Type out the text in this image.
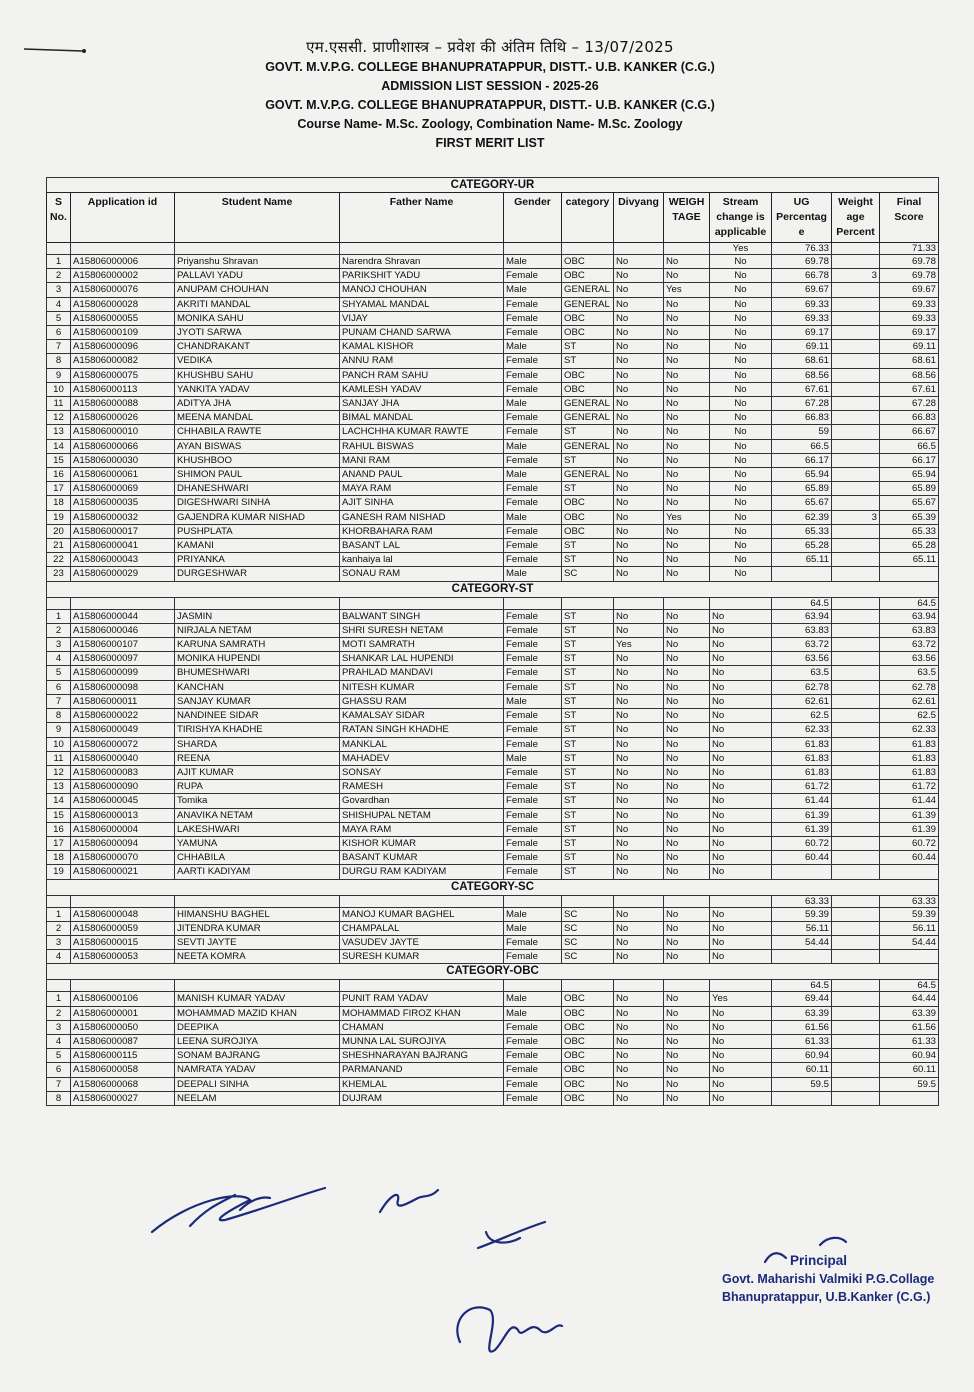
एम.एससी. प्राणीशास्त्र – प्रवेश की अंतिम तिथि – 13/07/2025

GOVT. M.V.P.G. COLLEGE BHANUPRATAPPUR, DISTT.- U.B. KANKER (C.G.)

ADMISSION LIST SESSION - 2025-26

GOVT. M.V.P.G. COLLEGE BHANUPRATAPPUR, DISTT.- U.B. KANKER (C.G.)

Course Name- M.Sc. Zoology, Combination Name- M.Sc. Zoology

FIRST MERIT LIST

CATEGORY-UR											
S No.	Application id	Student Name	Father Name	Gender	category	Divyang	WEIGH TAGE	Stream change is applicable	UG Percentag e	Weight age Percent	Final Score
								Yes	76.33		71.33
1	A15806000006	Priyanshu Shravan	Narendra Shravan	Male	OBC	No	No	No	69.78		69.78
2	A15806000002	PALLAVI YADU	PARIKSHIT YADU	Female	OBC	No	No	No	66.78	3	69.78
3	A15806000076	ANUPAM CHOUHAN	MANOJ CHOUHAN	Male	GENERAL	No	Yes	No	69.67		69.67
4	A15806000028	AKRITI MANDAL	SHYAMAL MANDAL	Female	GENERAL	No	No	No	69.33		69.33
5	A15806000055	MONIKA SAHU	VIJAY	Female	OBC	No	No	No	69.33		69.33
6	A15806000109	JYOTI SARWA	PUNAM CHAND SARWA	Female	OBC	No	No	No	69.17		69.17
7	A15806000096	CHANDRAKANT	KAMAL KISHOR	Male	ST	No	No	No	69.11		69.11
8	A15806000082	VEDIKA	ANNU RAM	Female	ST	No	No	No	68.61		68.61
9	A15806000075	KHUSHBU SAHU	PANCH RAM SAHU	Female	OBC	No	No	No	68.56		68.56
10	A15806000113	YANKITA YADAV	KAMLESH YADAV	Female	OBC	No	No	No	67.61		67.61
11	A15806000088	ADITYA JHA	SANJAY JHA	Male	GENERAL	No	No	No	67.28		67.28
12	A15806000026	MEENA MANDAL	BIMAL MANDAL	Female	GENERAL	No	No	No	66.83		66.83
13	A15806000010	CHHABILA RAWTE	LACHCHHA KUMAR RAWTE	Female	ST	No	No	No	59		66.67
14	A15806000066	AYAN BISWAS	RAHUL BISWAS	Male	GENERAL	No	No	No	66.5		66.5
15	A15806000030	KHUSHBOO	MANI RAM	Female	ST	No	No	No	66.17		66.17
16	A15806000061	SHIMON PAUL	ANAND PAUL	Male	GENERAL	No	No	No	65.94		65.94
17	A15806000069	DHANESHWARI	MAYA RAM	Female	ST	No	No	No	65.89		65.89
18	A15806000035	DIGESHWARI SINHA	AJIT SINHA	Female	OBC	No	No	No	65.67		65.67
19	A15806000032	GAJENDRA KUMAR NISHAD	GANESH RAM NISHAD	Male	OBC	No	Yes	No	62.39	3	65.39
20	A15806000017	PUSHPLATA	KHORBAHARA RAM	Female	OBC	No	No	No	65.33		65.33
21	A15806000041	KAMANI	BASANT LAL	Female	ST	No	No	No	65.28		65.28
22	A15806000043	PRIYANKA	kanhaiya lal	Female	ST	No	No	No	65.11		65.11
23	A15806000029	DURGESHWAR	SONAU RAM	Male	SC	No	No	No			
CATEGORY-ST											
									64.5		64.5
1	A15806000044	JASMIN	BALWANT SINGH	Female	ST	No	No	No	63.94		63.94
2	A15806000046	NIRJALA NETAM	SHRI SURESH NETAM	Female	ST	No	No	No	63.83		63.83
3	A15806000107	KARUNA SAMRATH	MOTI SAMRATH	Female	ST	Yes	No	No	63.72		63.72
4	A15806000097	MONIKA HUPENDI	SHANKAR LAL HUPENDI	Female	ST	No	No	No	63.56		63.56
5	A15806000099	BHUMESHWARI	PRAHLAD MANDAVI	Female	ST	No	No	No	63.5		63.5
6	A15806000098	KANCHAN	NITESH KUMAR	Female	ST	No	No	No	62.78		62.78
7	A15806000011	SANJAY KUMAR	GHASSU RAM	Male	ST	No	No	No	62.61		62.61
8	A15806000022	NANDINEE SIDAR	KAMALSAY SIDAR	Female	ST	No	No	No	62.5		62.5
9	A15806000049	TIRISHYA KHADHE	RATAN SINGH KHADHE	Female	ST	No	No	No	62.33		62.33
10	A15806000072	SHARDA	MANKLAL	Female	ST	No	No	No	61.83		61.83
11	A15806000040	REENA	MAHADEV	Male	ST	No	No	No	61.83		61.83
12	A15806000083	AJIT KUMAR	SONSAY	Female	ST	No	No	No	61.83		61.83
13	A15806000090	RUPA	RAMESH	Female	ST	No	No	No	61.72		61.72
14	A15806000045	Tomika	Govardhan	Female	ST	No	No	No	61.44		61.44
15	A15806000013	ANAVIKA NETAM	SHISHUPAL NETAM	Female	ST	No	No	No	61.39		61.39
16	A15806000004	LAKESHWARI	MAYA RAM	Female	ST	No	No	No	61.39		61.39
17	A15806000094	YAMUNA	KISHOR KUMAR	Female	ST	No	No	No	60.72		60.72
18	A15806000070	CHHABILA	BASANT KUMAR	Female	ST	No	No	No	60.44		60.44
19	A15806000021	AARTI KADIYAM	DURGU RAM KADIYAM	Female	ST	No	No	No			
CATEGORY-SC											
									63.33		63.33
1	A15806000048	HIMANSHU BAGHEL	MANOJ KUMAR BAGHEL	Male	SC	No	No	No	59.39		59.39
2	A15806000059	JITENDRA KUMAR	CHAMPALAL	Male	SC	No	No	No	56.11		56.11
3	A15806000015	SEVTI JAYTE	VASUDEV JAYTE	Female	SC	No	No	No	54.44		54.44
4	A15806000053	NEETA KOMRA	SURESH KUMAR	Female	SC	No	No	No			
CATEGORY-OBC											
									64.5		64.5
1	A15806000106	MANISH KUMAR YADAV	PUNIT RAM YADAV	Male	OBC	No	No	Yes	69.44		64.44
2	A15806000001	MOHAMMAD MAZID KHAN	MOHAMMAD FIROZ KHAN	Male	OBC	No	No	No	63.39		63.39
3	A15806000050	DEEPIKA	CHAMAN	Female	OBC	No	No	No	61.56		61.56
4	A15806000087	LEENA SUROJIYA	MUNNA LAL SUROJIYA	Female	OBC	No	No	No	61.33		61.33
5	A15806000115	SONAM BAJRANG	SHESHNARAYAN BAJRANG	Female	OBC	No	No	No	60.94		60.94
6	A15806000058	NAMRATA YADAV	PARMANAND	Female	OBC	No	No	No	60.11		60.11
7	A15806000068	DEEPALI SINHA	KHEMLAL	Female	OBC	No	No	No	59.5		59.5
8	A15806000027	NEELAM	DUJRAM	Female	OBC	No	No	No			
Principal
Govt. Maharishi Valmiki P.G.Collage
Bhanupratappur, U.B.Kanker (C.G.)
